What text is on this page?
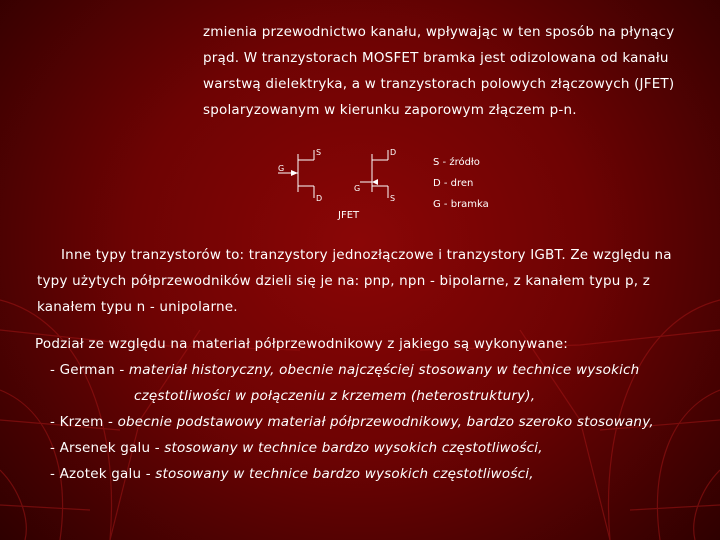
zmienia przewodnictwo kanału, wpływając w ten sposób na płynący
prąd. W tranzystorach MOSFET bramka jest odizolowana od kanału
warstwą dielektryka, a w tranzystorach polowych złączowych (JFET)
spolaryzowanym w kierunku zaporowym złączem p-n.
S
G
D
D
G
S
S - źródło
D - dren
G - bramka
JFET
Inne typy tranzystorów to: tranzystory jednozłączowe i tranzystory IGBT. Ze względu na
typy użytych półprzewodników dzieli się je na: pnp, npn - bipolarne, z kanałem typu p, z
kanałem typu n - unipolarne.
Podział ze względu na materiał półprzewodnikowy z jakiego są wykonywane:
- German - materiał historyczny, obecnie najczęściej stosowany w technice wysokich
częstotliwości w połączeniu z krzemem (heterostruktury),
- Krzem - obecnie podstawowy materiał półprzewodnikowy, bardzo szeroko stosowany,
- Arsenek galu - stosowany w technice bardzo wysokich częstotliwości,
- Azotek galu - stosowany w technice bardzo wysokich częstotliwości,
